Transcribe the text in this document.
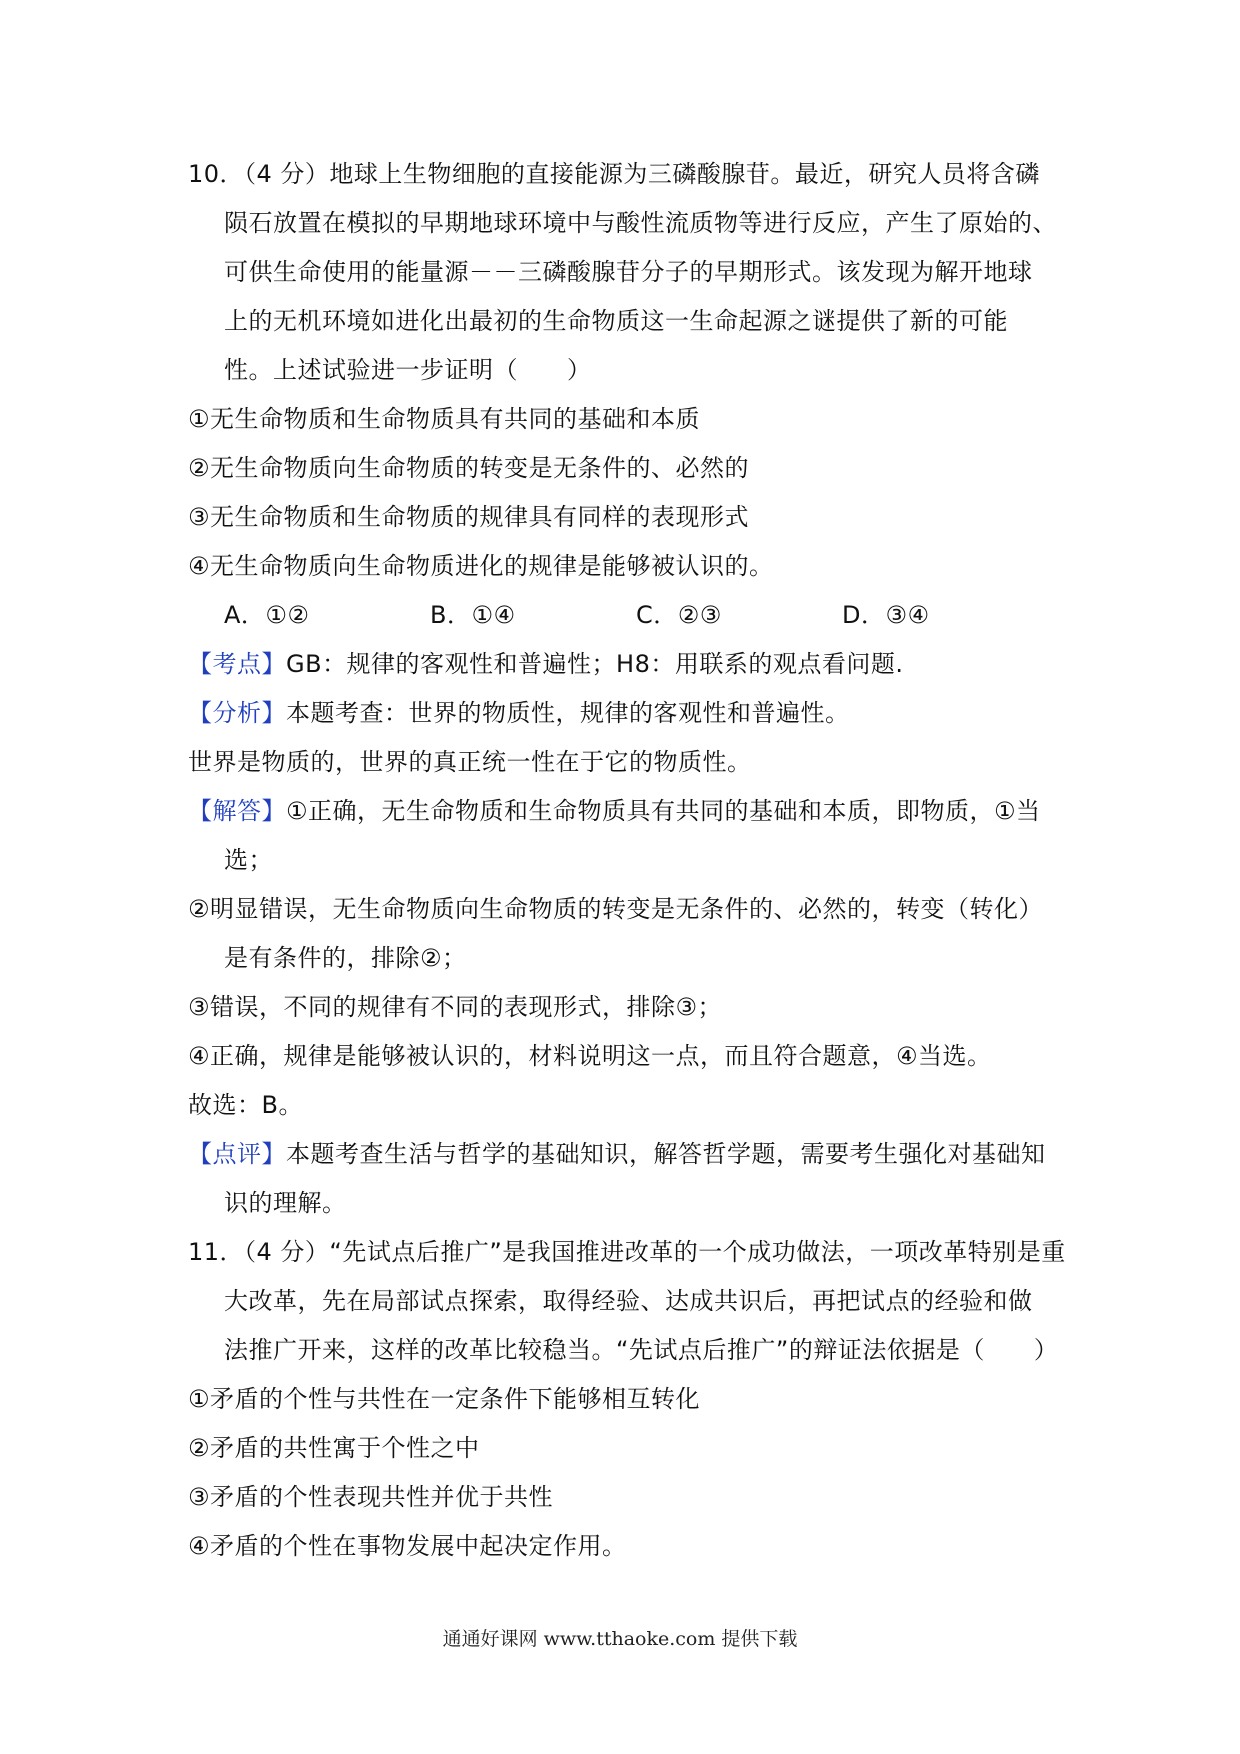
10．（4 分）地球上生物细胞的直接能源为三磷酸腺苷。最近，研究人员将含磷
陨石放置在模拟的早期地球环境中与酸性流质物等进行反应，产生了原始的、
可供生命使用的能量源－－三磷酸腺苷分子的早期形式。该发现为解开地球
上的无机环境如进化出最初的生命物质这一生命起源之谜提供了新的可能
性。上述试验进一步证明（　　）
①无生命物质和生命物质具有共同的基础和本质
②无生命物质向生命物质的转变是无条件的、必然的
③无生命物质和生命物质的规律具有同样的表现形式
④无生命物质向生命物质进化的规律是能够被认识的。
A．①②	B．①④	C．②③	D．③④
【考点】GB：规律的客观性和普遍性；H8：用联系的观点看问题.
【分析】本题考查：世界的物质性，规律的客观性和普遍性。
世界是物质的，世界的真正统一性在于它的物质性。
【解答】①正确，无生命物质和生命物质具有共同的基础和本质，即物质，①当
选；
②明显错误，无生命物质向生命物质的转变是无条件的、必然的，转变（转化）
是有条件的，排除②；
③错误，不同的规律有不同的表现形式，排除③；
④正确，规律是能够被认识的，材料说明这一点，而且符合题意，④当选。
故选：B。
【点评】本题考查生活与哲学的基础知识，解答哲学题，需要考生强化对基础知
识的理解。
11．（4 分）“先试点后推广”是我国推进改革的一个成功做法，一项改革特别是重
大改革，先在局部试点探索，取得经验、达成共识后，再把试点的经验和做
法推广开来，这样的改革比较稳当。“先试点后推广”的辩证法依据是（　　）
①矛盾的个性与共性在一定条件下能够相互转化
②矛盾的共性寓于个性之中
③矛盾的个性表现共性并优于共性
④矛盾的个性在事物发展中起决定作用。
通通好课网 www.tthaoke.com 提供下载
